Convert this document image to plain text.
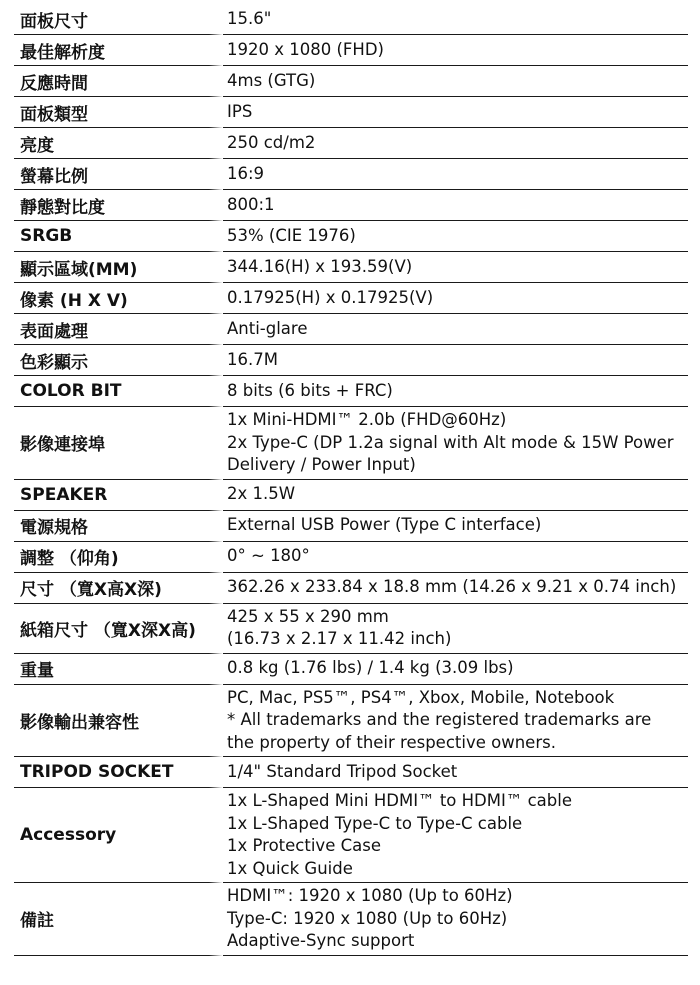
面板尺寸	15.6"

最佳解析度	1920 x 1080 (FHD)

反應時間	4ms (GTG)

面板類型	IPS

亮度	250 cd/m2

螢幕比例	16:9

靜態對比度	800:1

SRGB	53% (CIE 1976)

顯示區域(MM)	344.16(H) x 193.59(V)

像素 (H X V)	0.17925(H) x 0.17925(V)

表面處理	Anti-glare

色彩顯示	16.7M

COLOR BIT	8 bits (6 bits + FRC)

影像連接埠	1x Mini-HDMI™ 2.0b (FHD@60Hz)
2x Type-C (DP 1.2a signal with Alt mode & 15W Power
Delivery / Power Input)

SPEAKER	2x 1.5W

電源規格	External USB Power (Type C interface)

調整 （仰角)	0° ~ 180°

尺寸 （寬X高X深)	362.26 x 233.84 x 18.8 mm (14.26 x 9.21 x 0.74 inch)

紙箱尺寸 （寬X深X高)	425 x 55 x 290 mm
(16.73 x 2.17 x 11.42 inch)

重量	0.8 kg (1.76 lbs) / 1.4 kg (3.09 lbs)

影像輸出兼容性	PC, Mac, PS5™, PS4™, Xbox, Mobile, Notebook
* All trademarks and the registered trademarks are
the property of their respective owners.

TRIPOD SOCKET	1/4" Standard Tripod Socket

Accessory	1x L-Shaped Mini HDMI™ to HDMI™ cable
1x L-Shaped Type-C to Type-C cable
1x Protective Case
1x Quick Guide

備註	HDMI™: 1920 x 1080 (Up to 60Hz)
Type-C: 1920 x 1080 (Up to 60Hz)
Adaptive-Sync support
